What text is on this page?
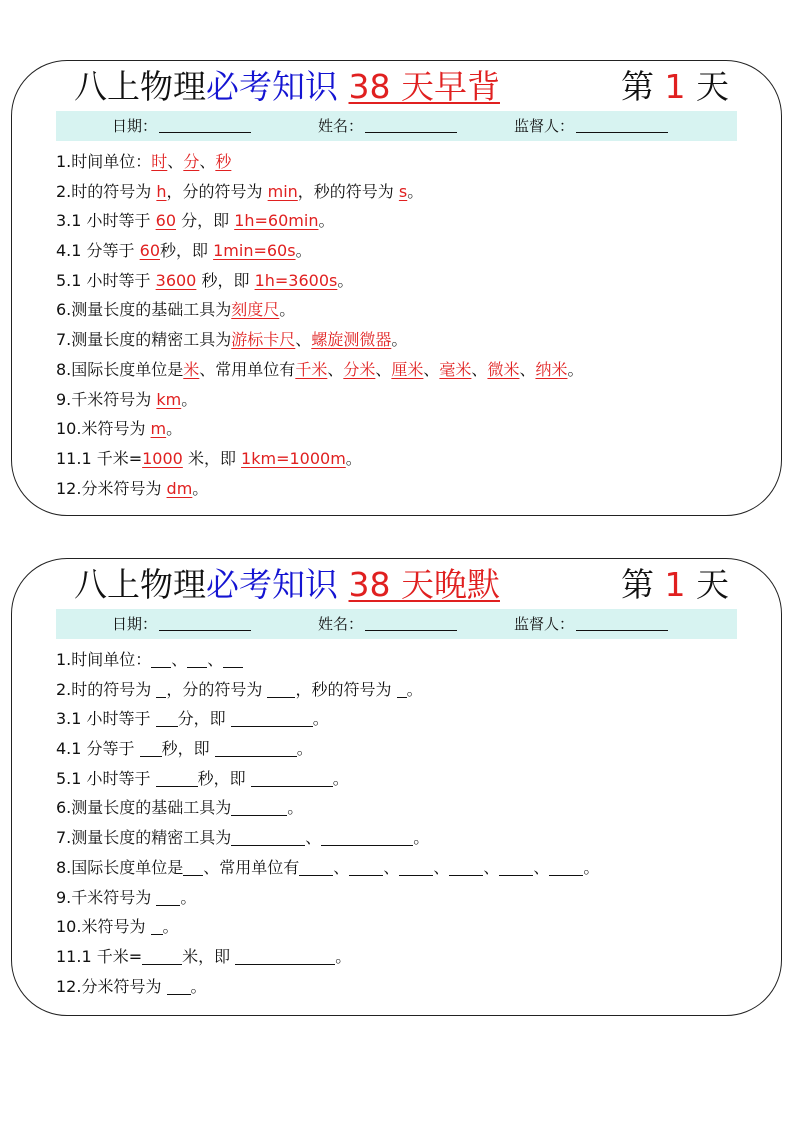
八上物理必考知识 38 天早背	第 1 天
日期：	姓名：	监督人：
1.时间单位：时、分、秒
2.时的符号为 h，分的符号为 min，秒的符号为 s。
3.1 小时等于 60 分，即 1h=60min。
4.1 分等于 60秒，即 1min=60s。
5.1 小时等于 3600 秒，即 1h=3600s。
6.测量长度的基础工具为刻度尺。
7.测量长度的精密工具为游标卡尺、螺旋测微器。
8.国际长度单位是米、常用单位有千米、分米、厘米、毫米、微米、纳米。
9.千米符号为 km。
10.米符号为 m。
11.1 千米=1000 米，即 1km=1000m。
12.分米符号为 dm。
八上物理必考知识 38 天晚默	第 1 天
日期：	姓名：	监督人：
1.时间单位： 、 、
2.时的符号为 ，分的符号为 ，秒的符号为 。
3.1 小时等于 分，即	。
4.1 分等于 秒，即	。
5.1 小时等于	秒，即	。
6.测量长度的基础工具为	。
7.测量长度的精密工具为	、	。
8.国际长度单位是 、常用单位有 、 、 、 、 、 。
9.千米符号为 。
10.米符号为 。
11.1 千米=	米，即	。
12.分米符号为 。
